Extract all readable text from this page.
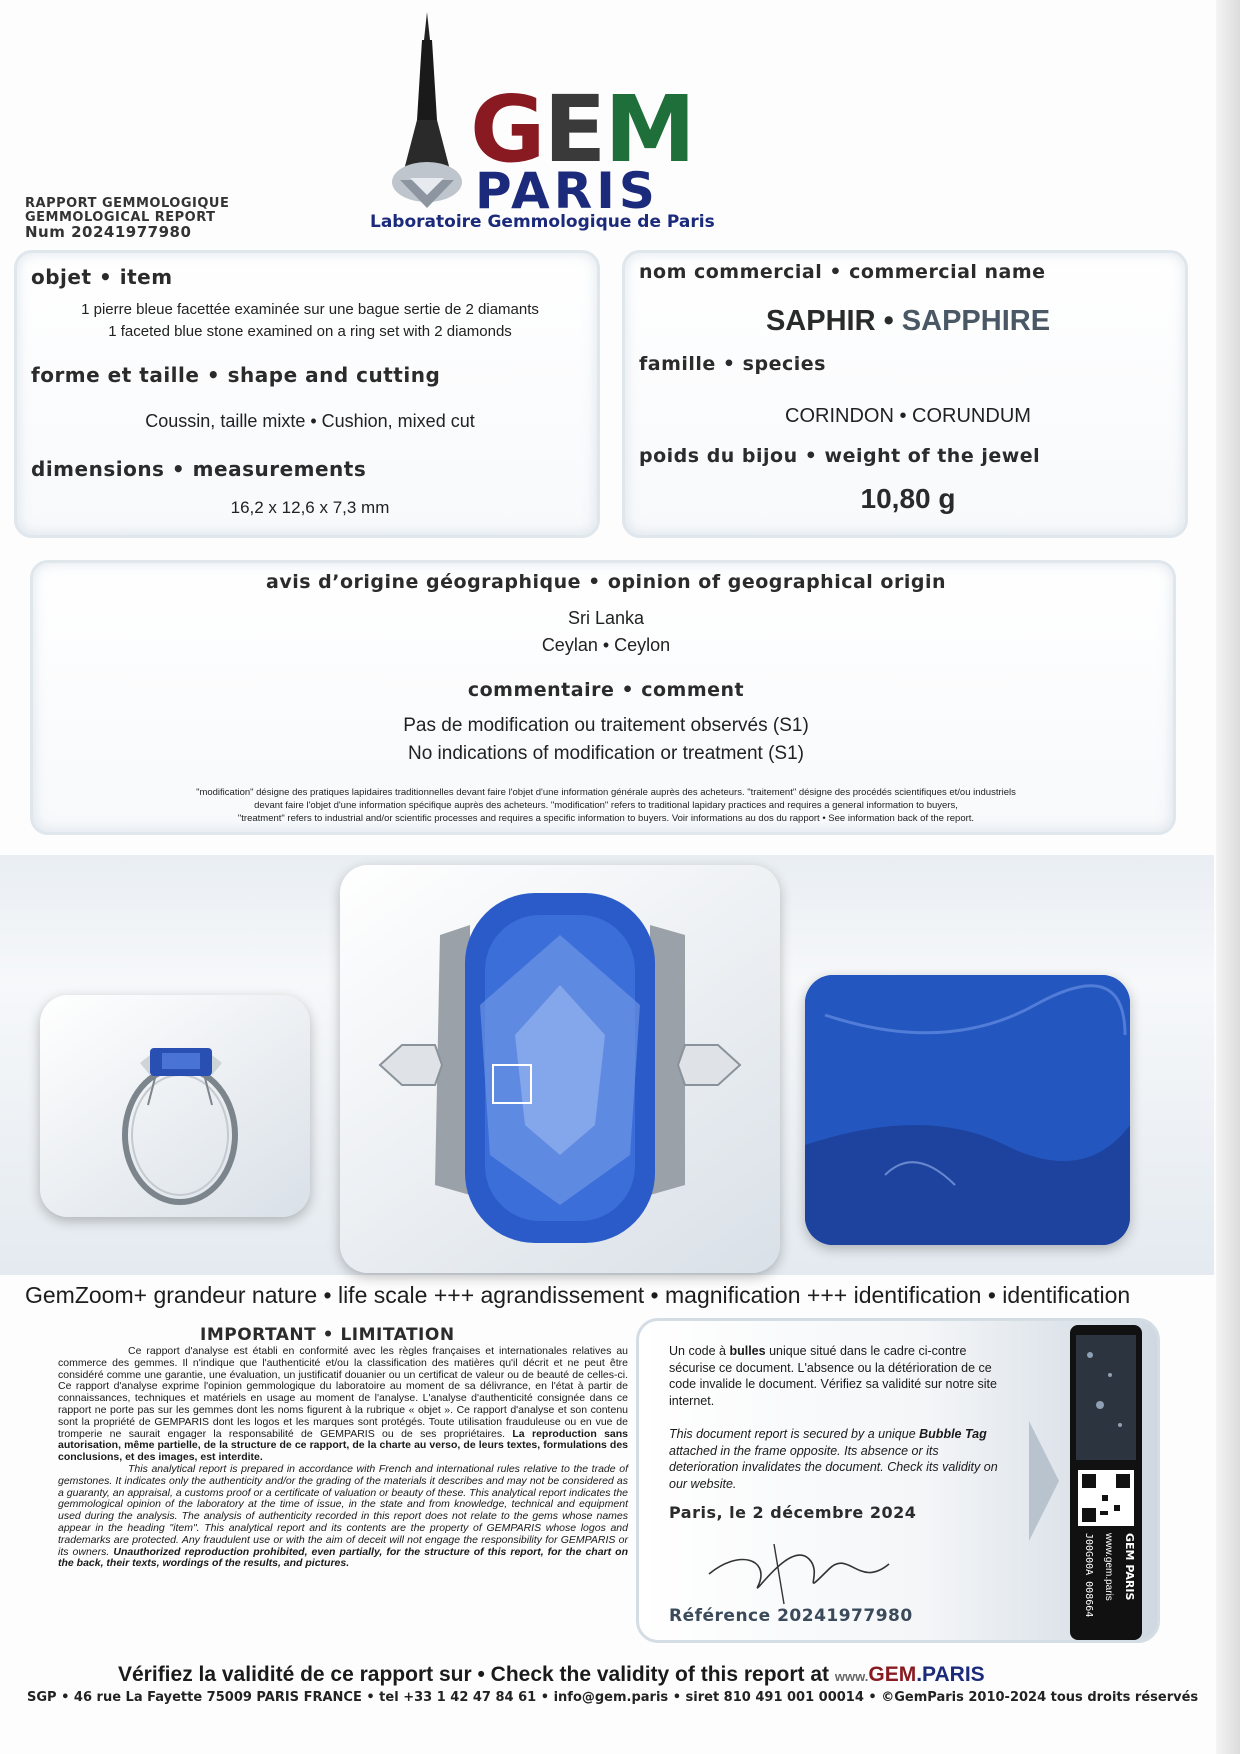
GEM
PARIS
Laboratoire Gemmologique de Paris
RAPPORT GEMMOLOGIQUE
GEMMOLOGICAL REPORT
Num 20241977980
objet • item
1 pierre bleue facettée examinée sur une bague sertie de 2 diamants
1 faceted blue stone examined on a ring set with 2 diamonds
forme et taille • shape and cutting
Coussin, taille mixte • Cushion, mixed cut
dimensions • measurements
16,2 x 12,6 x 7,3 mm
nom commercial • commercial name
SAPHIR • SAPPHIRE
famille • species
CORINDON • CORUNDUM
poids du bijou • weight of the jewel
10,80 g
avis d’origine géographique • opinion of geographical origin
Sri Lanka
Ceylan • Ceylon
commentaire • comment
Pas de modification ou traitement observés (S1)
No indications of modification or treatment (S1)
"modification" désigne des pratiques lapidaires traditionnelles devant faire l'objet d'une information générale auprès des acheteurs. "traitement" désigne des procédés scientifiques et/ou industriels
devant faire l'objet d'une information spécifique auprès des acheteurs. "modification" refers to traditional lapidary practices and requires a general information to buyers,
"treatment" refers to industrial and/or scientific processes and requires a specific information to buyers. Voir informations au dos du rapport • See information back of the report.
GemZoom+ grandeur nature • life scale +++ agrandissement • magnification +++ identification • identification
IMPORTANT • LIMITATION

Ce rapport d'analyse est établi en conformité avec les règles françaises et internationales relatives au commerce des gemmes. Il n'indique que l'authenticité et/ou la classification des matières qu'il décrit et ne peut être considéré comme une garantie, une évaluation, un justificatif douanier ou un certificat de valeur ou de beauté de celles-ci. Ce rapport d'analyse exprime l'opinion gemmologique du laboratoire au moment de sa délivrance, en l'état à partir de connaissances, techniques et matériels en usage au moment de l'analyse. L'analyse d'authenticité consignée dans ce rapport ne porte pas sur les gemmes dont les noms figurent à la rubrique « objet ». Ce rapport d'analyse et son contenu sont la propriété de GEMPARIS dont les logos et les marques sont protégés. Toute utilisation frauduleuse ou en vue de tromperie ne saurait engager la responsabilité de GEMPARIS ou de ses propriétaires. La reproduction sans autorisation, même partielle, de la structure de ce rapport, de la charte au verso, de leurs textes, formulations des conclusions, et des images, est interdite.

This analytical report is prepared in accordance with French and international rules relative to the trade of gemstones. It indicates only the authenticity and/or the grading of the materials it describes and may not be considered as a guaranty, an appraisal, a customs proof or a certificate of valuation or beauty of these. This analytical report indicates the gemmological opinion of the laboratory at the time of issue, in the state and from knowledge, technical and equipment used during the analysis. The analysis of authenticity recorded in this report does not relate to the gems whose names appear in the heading "item". This analytical report and its contents are the property of GEMPARIS whose logos and trademarks are protected. Any fraudulent use or with the aim of deceit will not engage the responsibility for GEMPARIS or its owners. Unauthorized reproduction prohibited, even partially, for the structure of this report, for the chart on the back, their texts, wordings of the results, and pictures.

Un code à bulles unique situé dans le cadre ci-contre sécurise ce document. L'absence ou la détérioration de ce code invalide le document. Vérifiez sa validité sur notre site internet.
This document report is secured by a unique Bubble Tag attached in the frame opposite. Its absence or its deterioration invalidates the document. Check its validity on our website.
Paris, le 2 décembre 2024
Référence 20241977980
GEM PARIS
www.gem.paris
J00G00A 008664
Vérifiez la validité de ce rapport sur • Check the validity of this report at www.GEM.PARIS
SGP • 46 rue La Fayette 75009 PARIS FRANCE • tel +33 1 42 47 84 61 • info@gem.paris • siret 810 491 001 00014 • ©GemParis 2010-2024 tous droits réservés
